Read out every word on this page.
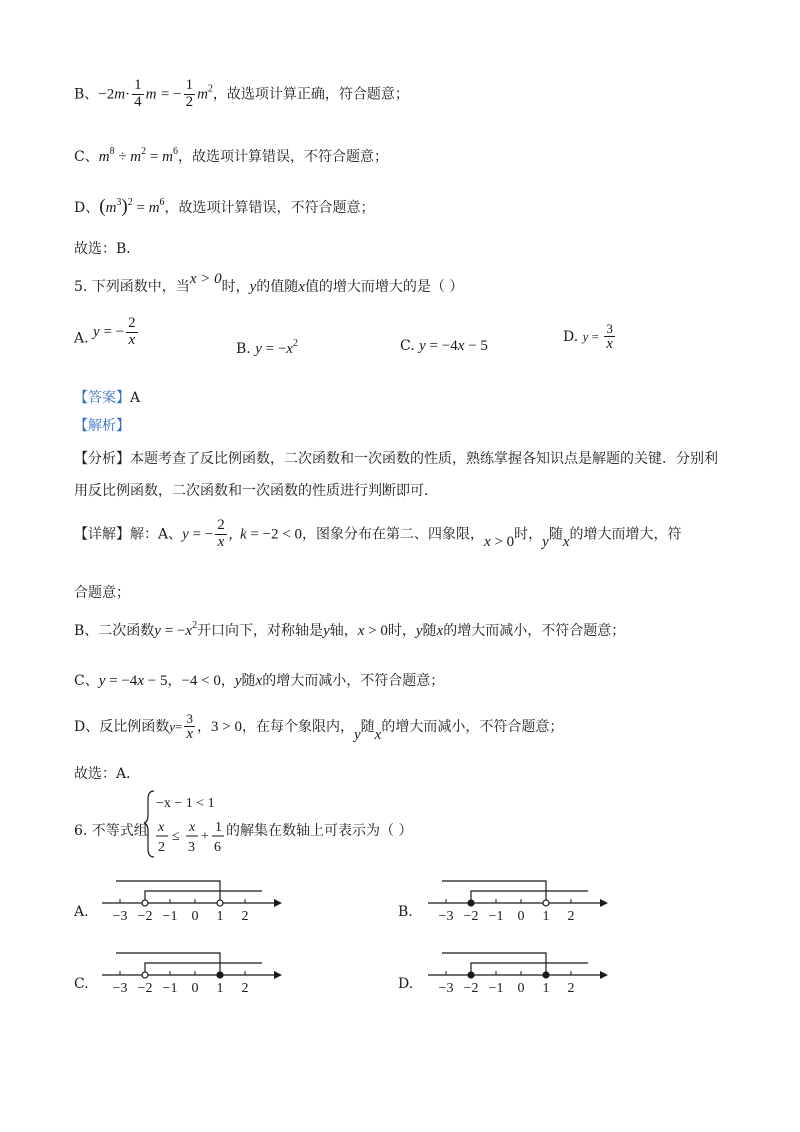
B、$-2m\cdot \frac{1}{4}$ m = − $\frac{1}{2} m^2$，故选项计算正确，符合题意；
C、$m^8 \div m^2 = m^6$，故选项计算错误，不符合题意；
D、$(m^3)^2 = m^6$，故选项计算错误，不符合题意；
故选：B．
5. 下列函数中，当x > 0时，y的值随x值的增大而增大的是（ ）
A. y = − $\frac{2}{x}$
B. $y = -x^2$	C. y = −4x − 5
D. $y = \frac{3}{x}$
【答案】A
【解析】
【分析】本题考查了反比例函数，二次函数和一次函数的性质，熟练掌握各知识点是解题的关键．分别利
用反比例函数，二次函数和一次函数的性质进行判断即可．
【详解】解：A、y = − $\frac{2}{x}$ ,  k = −2 < 0，图象分布在第二、四象限，x > 0时，y随x的增大而增大，符
合题意；
B、二次函数$y = -x^2$开口向下，对称轴是y轴，x > 0时，y随x的增大而减小，不符合题意；
C、y = −4x − 5，−4 < 0，y随x的增大而减小，不符合题意；
D、反比例函数$y= \frac{3}{x}$ ，3 > 0，在每个象限内，y随x的增大而减小，不符合题意；
故选：A．
6. 不等式组
−x − 1 < 1
x
2
≤
x
3
+
1
6
的解集在数轴上可表示为（ ）
A.	B.
C.	D.
−3 −2 −1 0 1 2	−3 −2 −1 0 1 2
−3 −2 −1 0 1 2	−3 −2 −1 0 1 2
